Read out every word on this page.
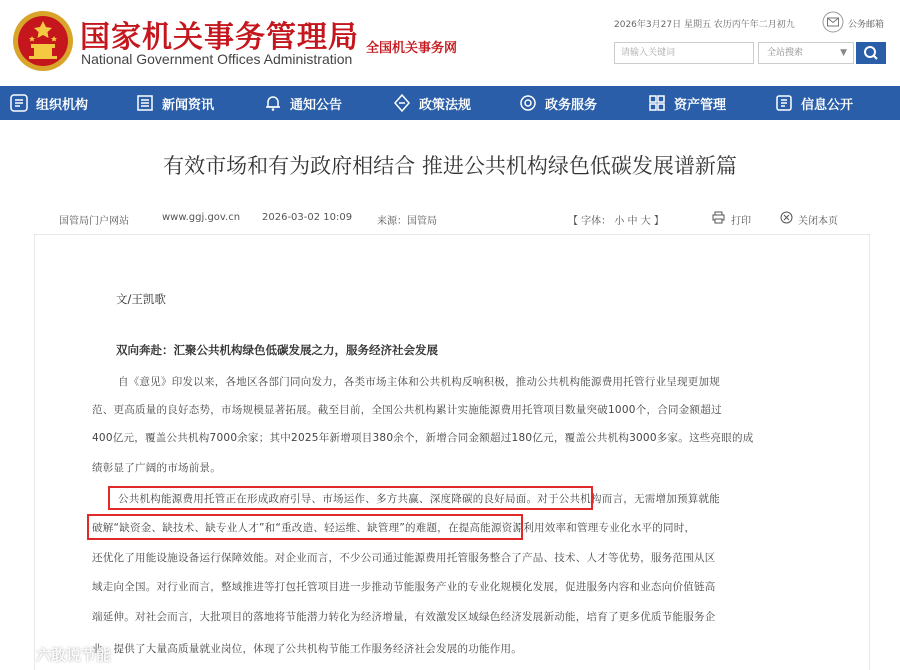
国家机关事务管理局
National Government Offices Administration
全国机关事务网
2026年3月27日 星期五 农历丙午年二月初九	公务邮箱
请输入关键词
全站搜索	▼
组织机构	新闻资讯	通知公告	政策法规	政务服务	资产管理	信息公开
有效市场和有为政府相结合 推进公共机构绿色低碳发展谱新篇
国管局门户网站	www.ggj.gov.cn 2026-03-02 10:09 来源：国管局	【 字体： 小 中 大 】	打印	关闭本页
文/王凯歌
双向奔赴：汇聚公共机构绿色低碳发展之力，服务经济社会发展
自《意见》印发以来，各地区各部门同向发力，各类市场主体和公共机构反响积极，推动公共机构能源费用托管行业呈现更加规
范、更高质量的良好态势，市场规模显著拓展。截至目前，全国公共机构累计实施能源费用托管项目数量突破1000个，合同金额超过
400亿元，覆盖公共机构7000余家；其中2025年新增项目380余个，新增合同金额超过180亿元，覆盖公共机构3000多家。这些亮眼的成
绩彰显了广阔的市场前景。
公共机构能源费用托管正在形成政府引导、市场运作、多方共赢、深度降碳的良好局面。对于公共机构而言，无需增加预算就能
破解“缺资金、缺技术、缺专业人才”和“重改造、轻运维、缺管理”的难题，在提高能源资源利用效率和管理专业化水平的同时，
还优化了用能设施设备运行保障效能。对企业而言，不少公司通过能源费用托管服务整合了产品、技术、人才等优势，服务范围从区
域走向全国。对行业而言，整域推进等打包托管项目进一步推动节能服务产业的专业化规模化发展，促进服务内容和业态向价值链高
端延伸。对社会而言，大批项目的落地将节能潜力转化为经济增量，有效激发区域绿色经济发展新动能，培育了更多优质节能服务企
业，提供了大量高质量就业岗位，体现了公共机构节能工作服务经济社会发展的功能作用。
六敢说节能
